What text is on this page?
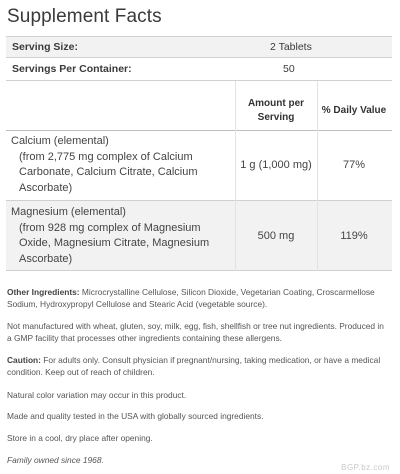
Supplement Facts
Serving Size:	2 Tablets
Servings Per Container:	50
Amount per
Serving
% Daily Value
Calcium (elemental)
(from 2,775 mg complex of Calcium
Carbonate, Calcium Citrate, Calcium
Ascorbate)
1 g (1,000 mg)	77%
Magnesium (elemental)
(from 928 mg complex of Magnesium
Oxide, Magnesium Citrate, Magnesium
Ascorbate)
500 mg	119%
Other Ingredients: Microcrystalline Cellulose, Silicon Dioxide, Vegetarian Coating, Croscarmellose Sodium, Hydroxypropyl Cellulose and Stearic Acid (vegetable source).
Not manufactured with wheat, gluten, soy, milk, egg, fish, shellfish or tree nut ingredients. Produced in a GMP facility that processes other ingredients containing these allergens.
Caution: For adults only. Consult physician if pregnant/nursing, taking medication, or have a medical condition. Keep out of reach of children.
Natural color variation may occur in this product.
Made and quality tested in the USA with globally sourced ingredients.
Store in a cool, dry place after opening.
Family owned since 1968.
BGP.bz.com
